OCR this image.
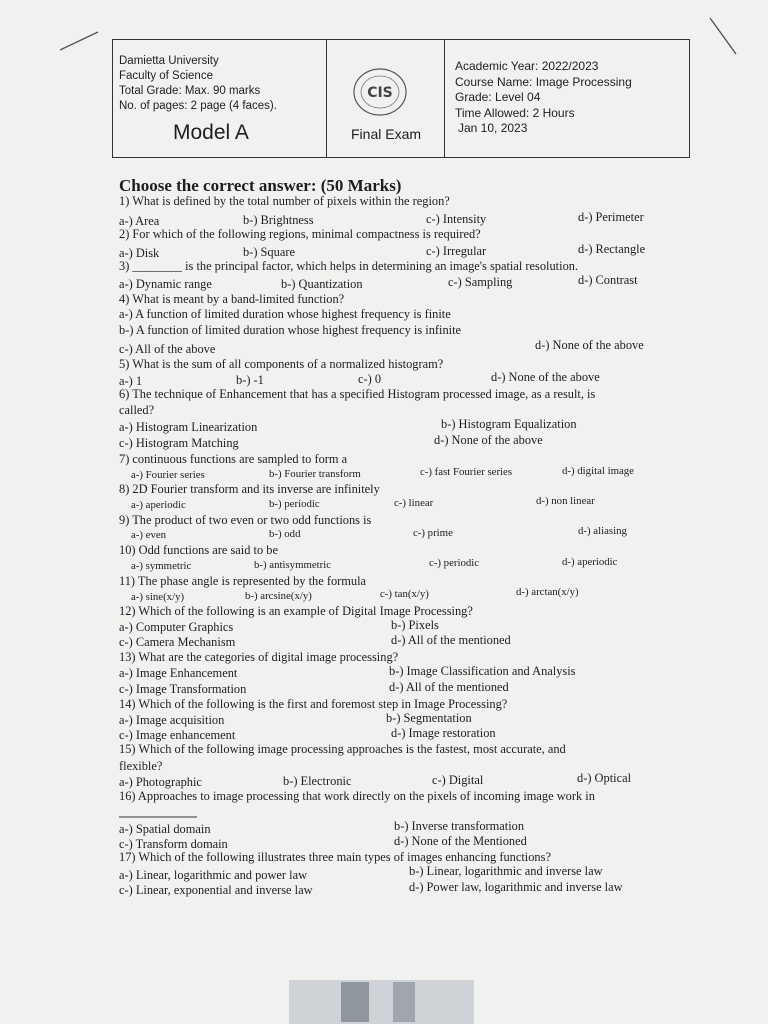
Damietta University
Faculty of Science
Total Grade: Max. 90 marks
No. of pages: 2 page (4 faces).
Model A
CIS
Final Exam
Academic Year: 2022/2023
Course Name: Image Processing
Grade: Level 04
Time Allowed: 2 Hours
Jan 10, 2023
Choose the correct answer: (50 Marks)
1) What is defined by the total number of pixels within the region?
a-) Area	b-) Brightness	c-) Intensity	d-) Perimeter
2) For which of the following regions, minimal compactness is required?
a-) Disk	b-) Square	c-) Irregular	d-) Rectangle
3) ________ is the principal factor, which helps in determining an image's spatial resolution.
a-) Dynamic range	b-) Quantization	c-) Sampling	d-) Contrast
4) What is meant by a band-limited function?
a-) A function of limited duration whose highest frequency is finite
b-) A function of limited duration whose highest frequency is infinite
c-) All of the above	d-) None of the above
5) What is the sum of all components of a normalized histogram?
a-) 1	b-) -1	c-) 0	d-) None of the above
6) The technique of Enhancement that has a specified Histogram processed image, as a result, is
called?
a-) Histogram Linearization	b-) Histogram Equalization
c-) Histogram Matching	d-) None of the above
7) continuous functions are sampled to form a
a-) Fourier series	b-) Fourier transform	c-) fast Fourier series	d-) digital image
8) 2D Fourier transform and its inverse are infinitely
a-) aperiodic	b-) periodic	c-) linear	d-) non linear
9) The product of two even or two odd functions is
a-) even	b-) odd	c-) prime	d-) aliasing
10) Odd functions are said to be
a-) symmetric	b-) antisymmetric	c-) periodic	d-) aperiodic
11) The phase angle is represented by the formula
a-) sine(x/y)	b-) arcsine(x/y)	c-) tan(x/y)	d-) arctan(x/y)
12) Which of the following is an example of Digital Image Processing?
a-) Computer Graphics	b-) Pixels
c-) Camera Mechanism	d-) All of the mentioned
13) What are the categories of digital image processing?
a-) Image Enhancement	b-) Image Classification and Analysis
c-) Image Transformation	d-) All of the mentioned
14) Which of the following is the first and foremost step in Image Processing?
a-) Image acquisition	b-) Segmentation
c-) Image enhancement	d-) Image restoration
15) Which of the following image processing approaches is the fastest, most accurate, and
flexible?
a-) Photographic	b-) Electronic	c-) Digital	d-) Optical
16) Approaches to image processing that work directly on the pixels of incoming image work in
a-) Spatial domain	b-) Inverse transformation
c-) Transform domain	d-) None of the Mentioned
17) Which of the following illustrates three main types of images enhancing functions?
a-) Linear, logarithmic and power law	b-) Linear, logarithmic and inverse law
c-) Linear, exponential and inverse law	d-) Power law, logarithmic and inverse law
